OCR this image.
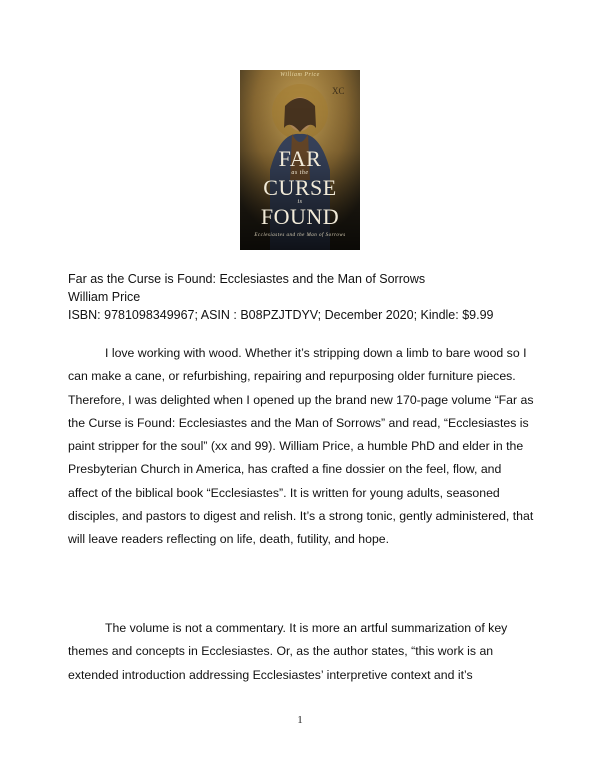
William Price
FAR
as the
CURSE
is
FOUND
Ecclesiastes and the Man of Sorrows
Far as the Curse is Found: Ecclesiastes and the Man of Sorrows
William Price
ISBN: 9781098349967; ASIN : B08PZJTDYV; December 2020; Kindle: $9.99

I love working with wood. Whether it’s stripping down a limb to bare wood so I can make a cane, or refurbishing, repairing and repurposing older furniture pieces. Therefore, I was delighted when I opened up the brand new 170-page volume “Far as the Curse is Found: Ecclesiastes and the Man of Sorrows” and read, “Ecclesiastes is paint stripper for the soul” (xx and 99). William Price, a humble PhD and elder in the Presbyterian Church in America, has crafted a fine dossier on the feel, flow, and affect of the biblical book “Ecclesiastes”. It is written for young adults, seasoned disciples, and pastors to digest and relish. It’s a strong tonic, gently administered, that will leave readers reflecting on life, death, futility, and hope.

The volume is not a commentary. It is more an artful summarization of key themes and concepts in Ecclesiastes. Or, as the author states, “this work is an extended introduction addressing Ecclesiastes’ interpretive context and it’s

1
